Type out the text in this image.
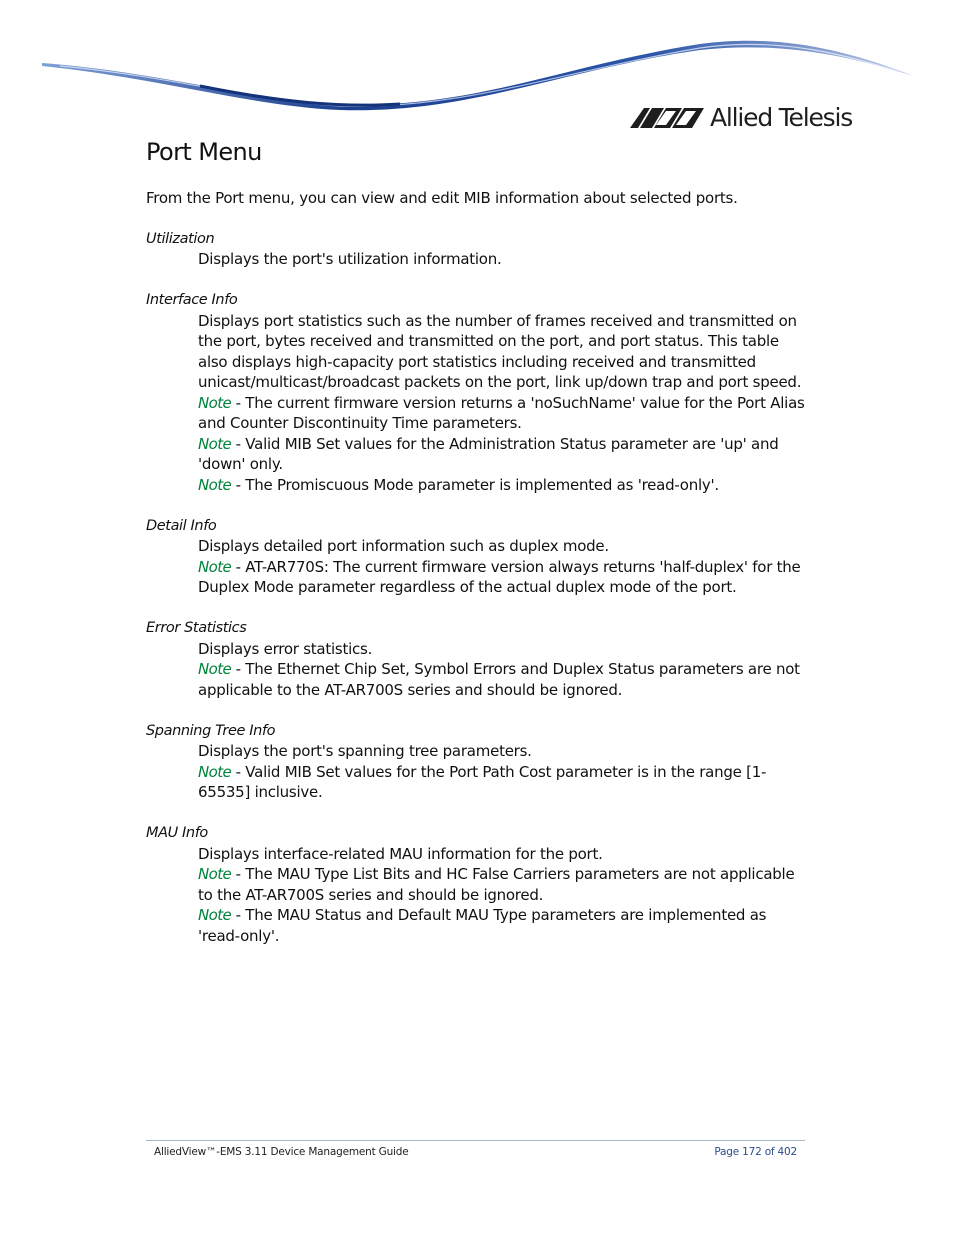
Allied Telesis
Port Menu

From the Port menu, you can view and edit MIB information about selected ports.

Utilization

Displays the port's utilization information.

Interface Info

Displays port statistics such as the number of frames received and transmitted on the port, bytes received and transmitted on the port, and port status. This table also displays high-capacity port statistics including received and transmitted unicast/multicast/broadcast packets on the port, link up/down trap and port speed.

Note - The current firmware version returns a 'noSuchName' value for the Port Alias and Counter Discontinuity Time parameters.

Note - Valid MIB Set values for the Administration Status parameter are 'up' and 'down' only.

Note - The Promiscuous Mode parameter is implemented as 'read-only'.

Detail Info

Displays detailed port information such as duplex mode.

Note - AT-AR770S: The current firmware version always returns 'half-duplex' for the Duplex Mode parameter regardless of the actual duplex mode of the port.

Error Statistics

Displays error statistics.

Note - The Ethernet Chip Set, Symbol Errors and Duplex Status parameters are not applicable to the AT-AR700S series and should be ignored.

Spanning Tree Info

Displays the port's spanning tree parameters.

Note - Valid MIB Set values for the Port Path Cost parameter is in the range [1-65535] inclusive.

MAU Info

Displays interface-related MAU information for the port.

Note - The MAU Type List Bits and HC False Carriers parameters are not applicable to the AT-AR700S series and should be ignored.

Note - The MAU Status and Default MAU Type parameters are implemented as 'read-only'.

AlliedView™-EMS 3.11 Device Management Guide	Page 172 of 402
